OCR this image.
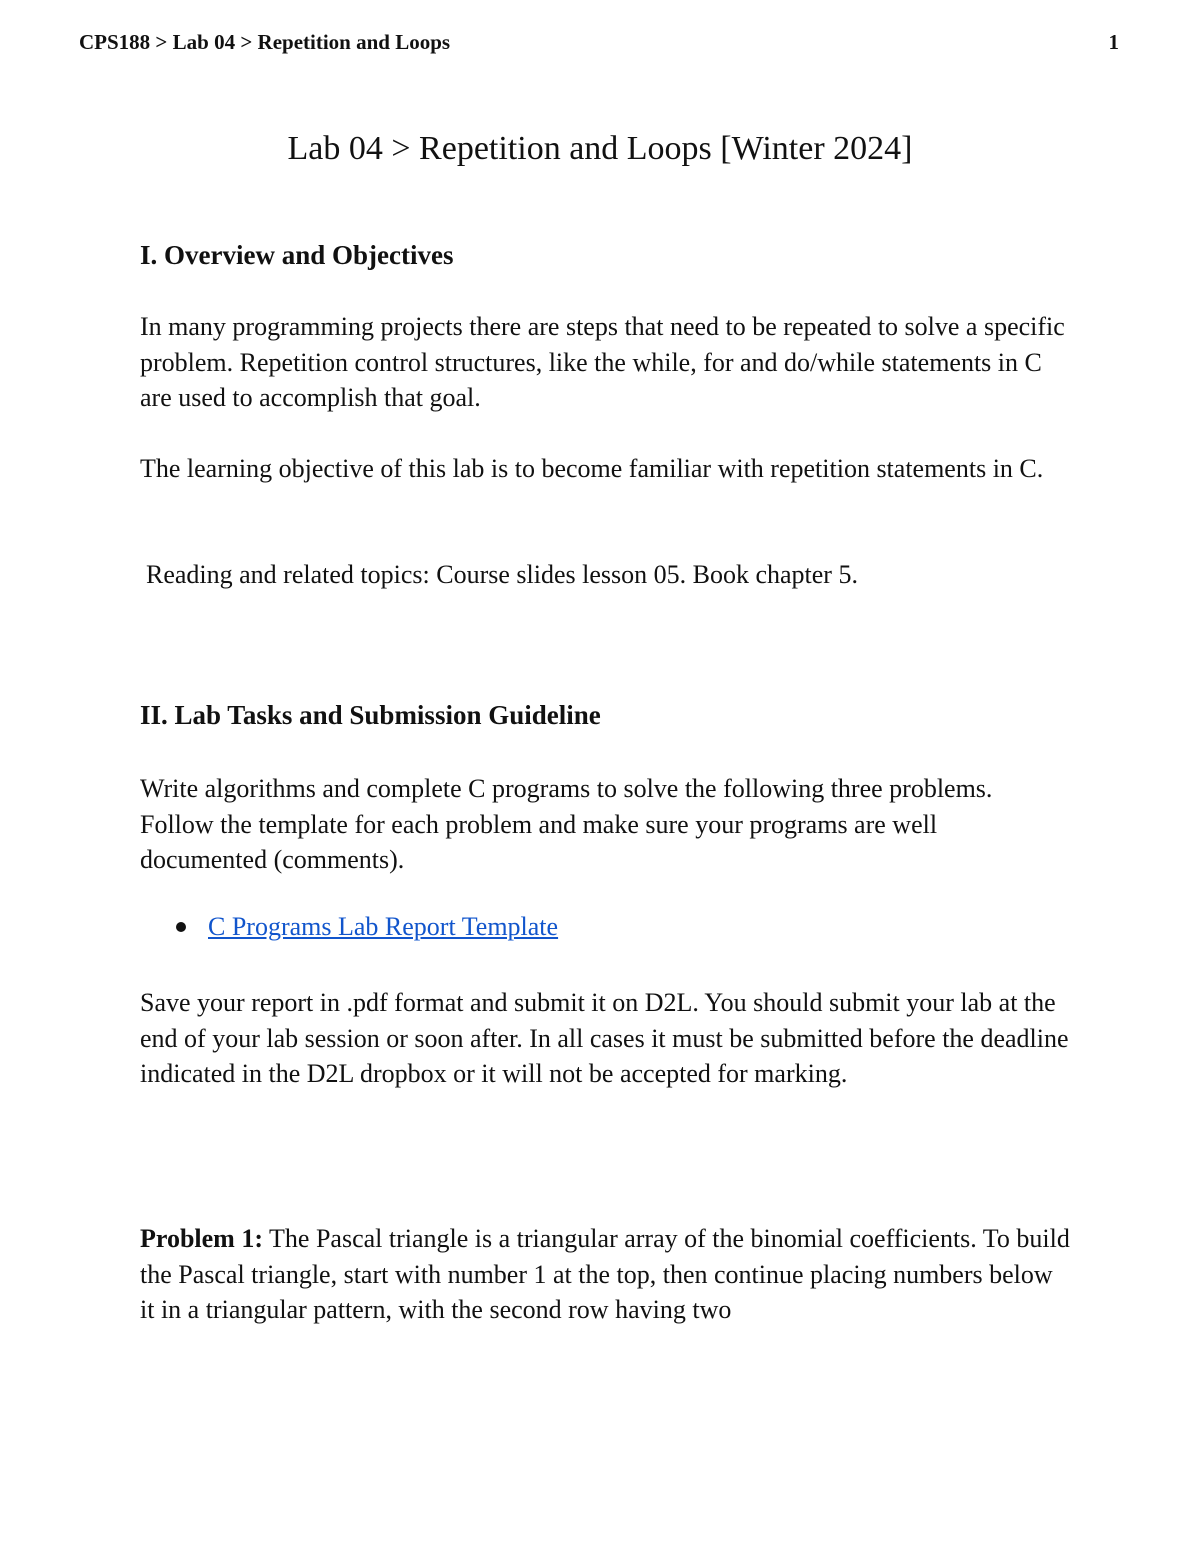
CPS188 > Lab 04 > Repetition and Loops	1
Lab 04 > Repetition and Loops [Winter 2024]
I. Overview and Objectives

In many programming projects there are steps that need to be repeated to solve a specific problem. Repetition control structures, like the while, for and do/while statements in C are used to accomplish that goal.

The learning objective of this lab is to become familiar with repetition statements in C.

Reading and related topics: Course slides lesson 05. Book chapter 5.

II. Lab Tasks and Submission Guideline

Write algorithms and complete C programs to solve the following three problems. Follow the template for each problem and make sure your programs are well documented (comments).

C Programs Lab Report Template

Save your report in .pdf format and submit it on D2L. You should submit your lab at the end of your lab session or soon after. In all cases it must be submitted before the deadline indicated in the D2L dropbox or it will not be accepted for marking.

Problem 1: The Pascal triangle is a triangular array of the binomial coefficients. To build the Pascal triangle, start with number 1 at the top, then continue placing numbers below it in a triangular pattern, with the second row having two
